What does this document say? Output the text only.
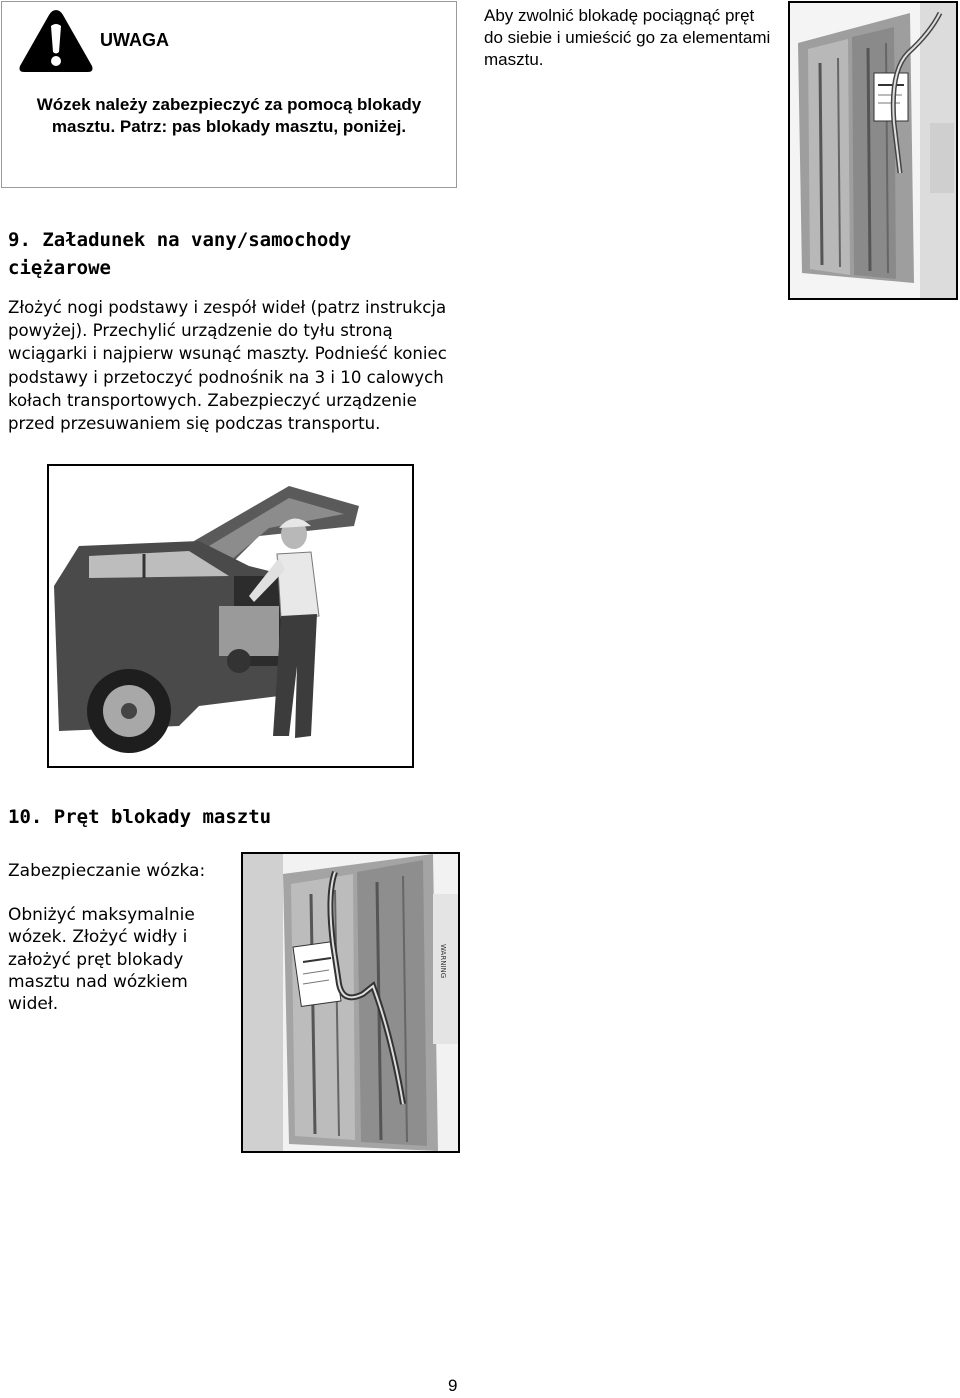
UWAGA
Wózek należy zabezpieczyć za pomocą blokady masztu. Patrz: pas blokady masztu, poniżej.
Aby zwolnić blokadę pociągnąć pręt do siebie i umieścić go za elementami masztu.
9. Załadunek na vany/samochody ciężarowe
Złożyć nogi podstawy i zespół wideł (patrz instrukcja powyżej). Przechylić urządzenie do tyłu stroną wciągarki i najpierw wsunąć maszty. Podnieść koniec podstawy i przetoczyć podnośnik na 3 i 10 calowych kołach transportowych. Zabezpieczyć urządzenie przed przesuwaniem się podczas transportu.
10. Pręt blokady masztu
Zabezpieczanie wózka:
Obniżyć maksymalnie wózek. Złożyć widły i założyć pręt blokady masztu nad wózkiem wideł.
WARNING
9
